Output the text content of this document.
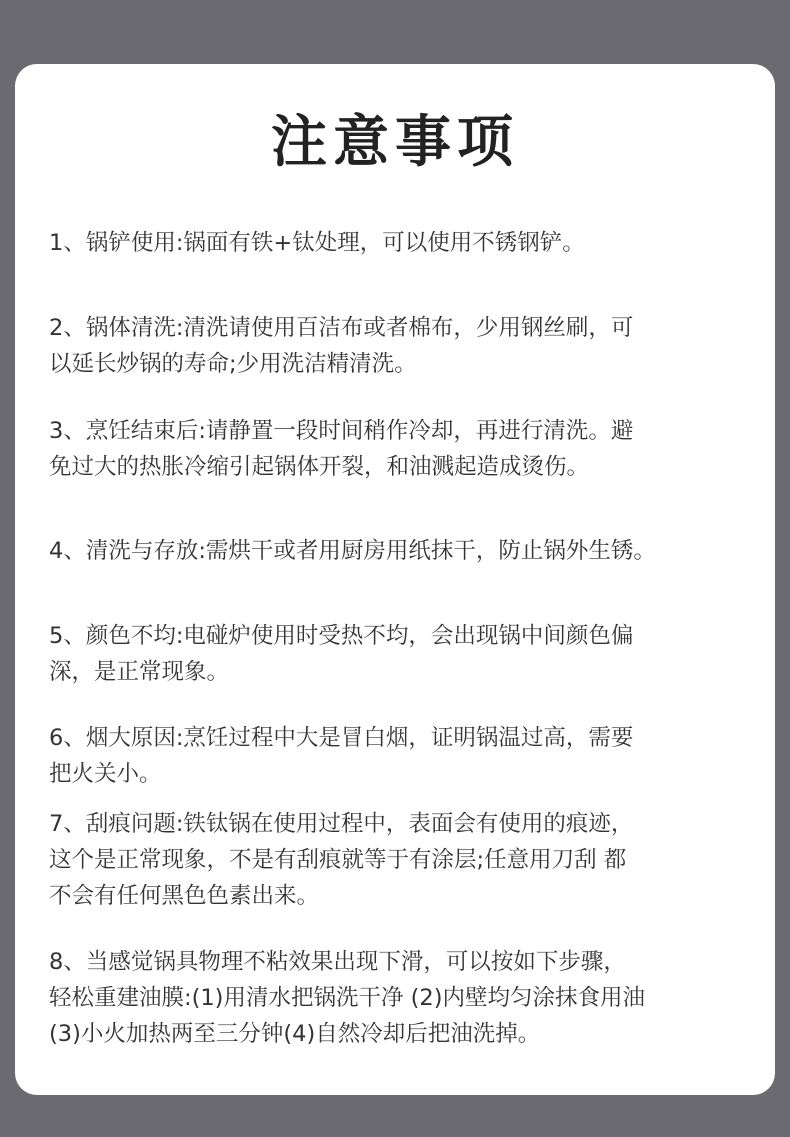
注意事项

1、锅铲使用:锅面有铁+钛处理，可以使用不锈钢铲。

2、锅体清洗:清洗请使用百洁布或者棉布，少用钢丝刷，可
以延长炒锅的寿命;少用洗洁精清洗。

3、烹饪结束后:请静置一段时间稍作冷却，再进行清洗。避
免过大的热胀冷缩引起锅体开裂，和油溅起造成烫伤。

4、清洗与存放:需烘干或者用厨房用纸抹干，防止锅外生锈。

5、颜色不均:电碰炉使用时受热不均，会出现锅中间颜色偏
深，是正常现象。

6、烟大原因:烹饪过程中大是冒白烟，证明锅温过高，需要
把火关小。

7、刮痕问题:铁钛锅在使用过程中，表面会有使用的痕迹，
这个是正常现象，不是有刮痕就等于有涂层;任意用刀刮 都
不会有任何黑色色素出来。

8、当感觉锅具物理不粘效果出现下滑，可以按如下步骤，
轻松重建油膜:(1)用清水把锅洗干净 (2)内壁均匀涂抹食用油
(3)小火加热两至三分钟(4)自然冷却后把油洗掉。
